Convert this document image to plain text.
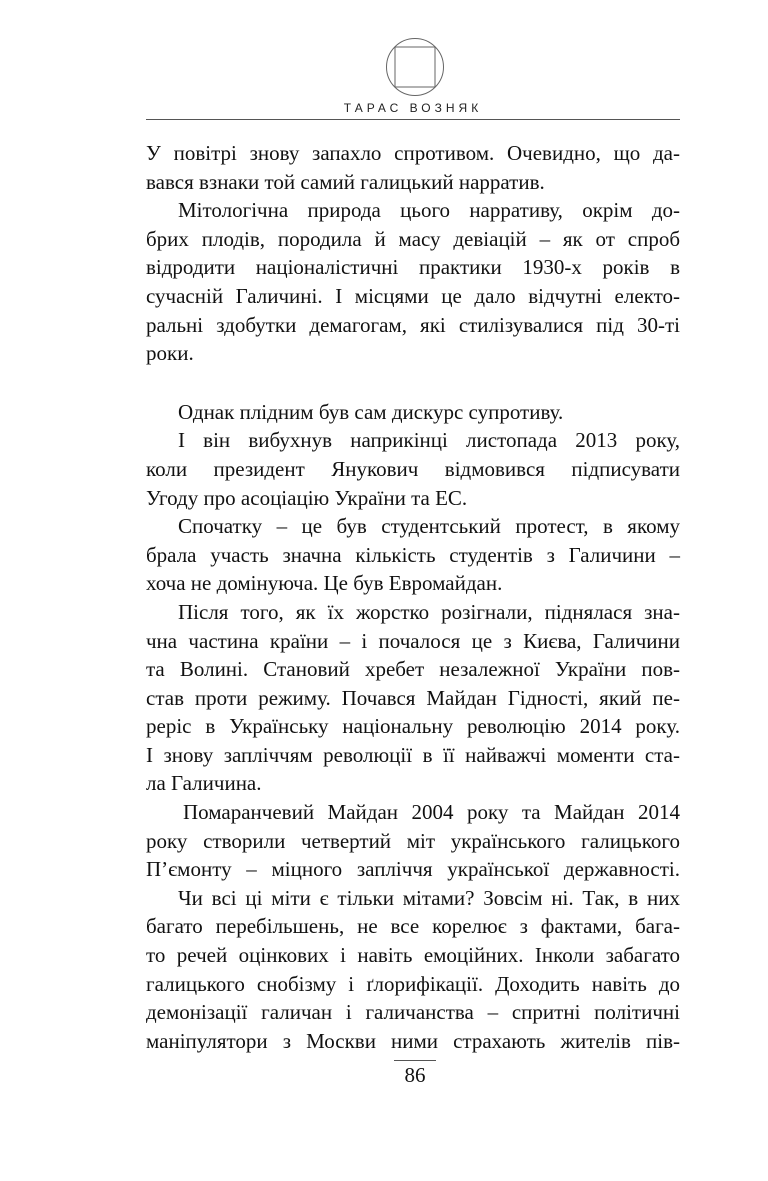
ТАРАС ВОЗНЯК
У повітрі знову запахло спротивом. Очевидно, що да-
вався взнаки той самий галицький нарратив.
Мітологічна природа цього нарративу, окрім до-
брих плодів, породила й масу девіацій – як от спроб
відродити націоналістичні практики 1930-х років в
сучасній Галичині. І місцями це дало відчутні електо-
ральні здобутки демагогам, які стилізувалися під 30-ті
роки.
Однак плідним був сам дискурс супротиву.
І він вибухнув наприкінці листопада 2013 року,
коли президент Янукович відмовився підписувати
Угоду про асоціацію України та ЕС.
Спочатку – це був студентський протест, в якому
брала участь значна кількість студентів з Галичини –
хоча не домінуюча. Це був Евромайдан.
Після того, як їх жорстко розігнали, піднялася зна-
чна частина країни – і почалося це з Києва, Галичини
та Волині. Становий хребет незалежної України пов-
став проти режиму. Почався Майдан Гідності, який пе-
реріс в Українську національну революцію 2014 року.
І знову заплiччям революції в її найважчі моменти ста-
ла Галичина.
Помаранчевий Майдан 2004 року та Майдан 2014
року створили четвертий міт українського галицького
П’ємонту – міцного запліччя української державності.
Чи всі ці міти є тільки мітами? Зовсім ні. Так, в них
багато перебільшень, не все корелює з фактами, бага-
то речей оцінкових і навіть емоційних. Інколи забагато
галицького снобізму і ґлорифікації. Доходить навіть до
демонізації галичан і галичанства – спритні політичні
маніпулятори з Москви ними страхають жителів пів-
86
